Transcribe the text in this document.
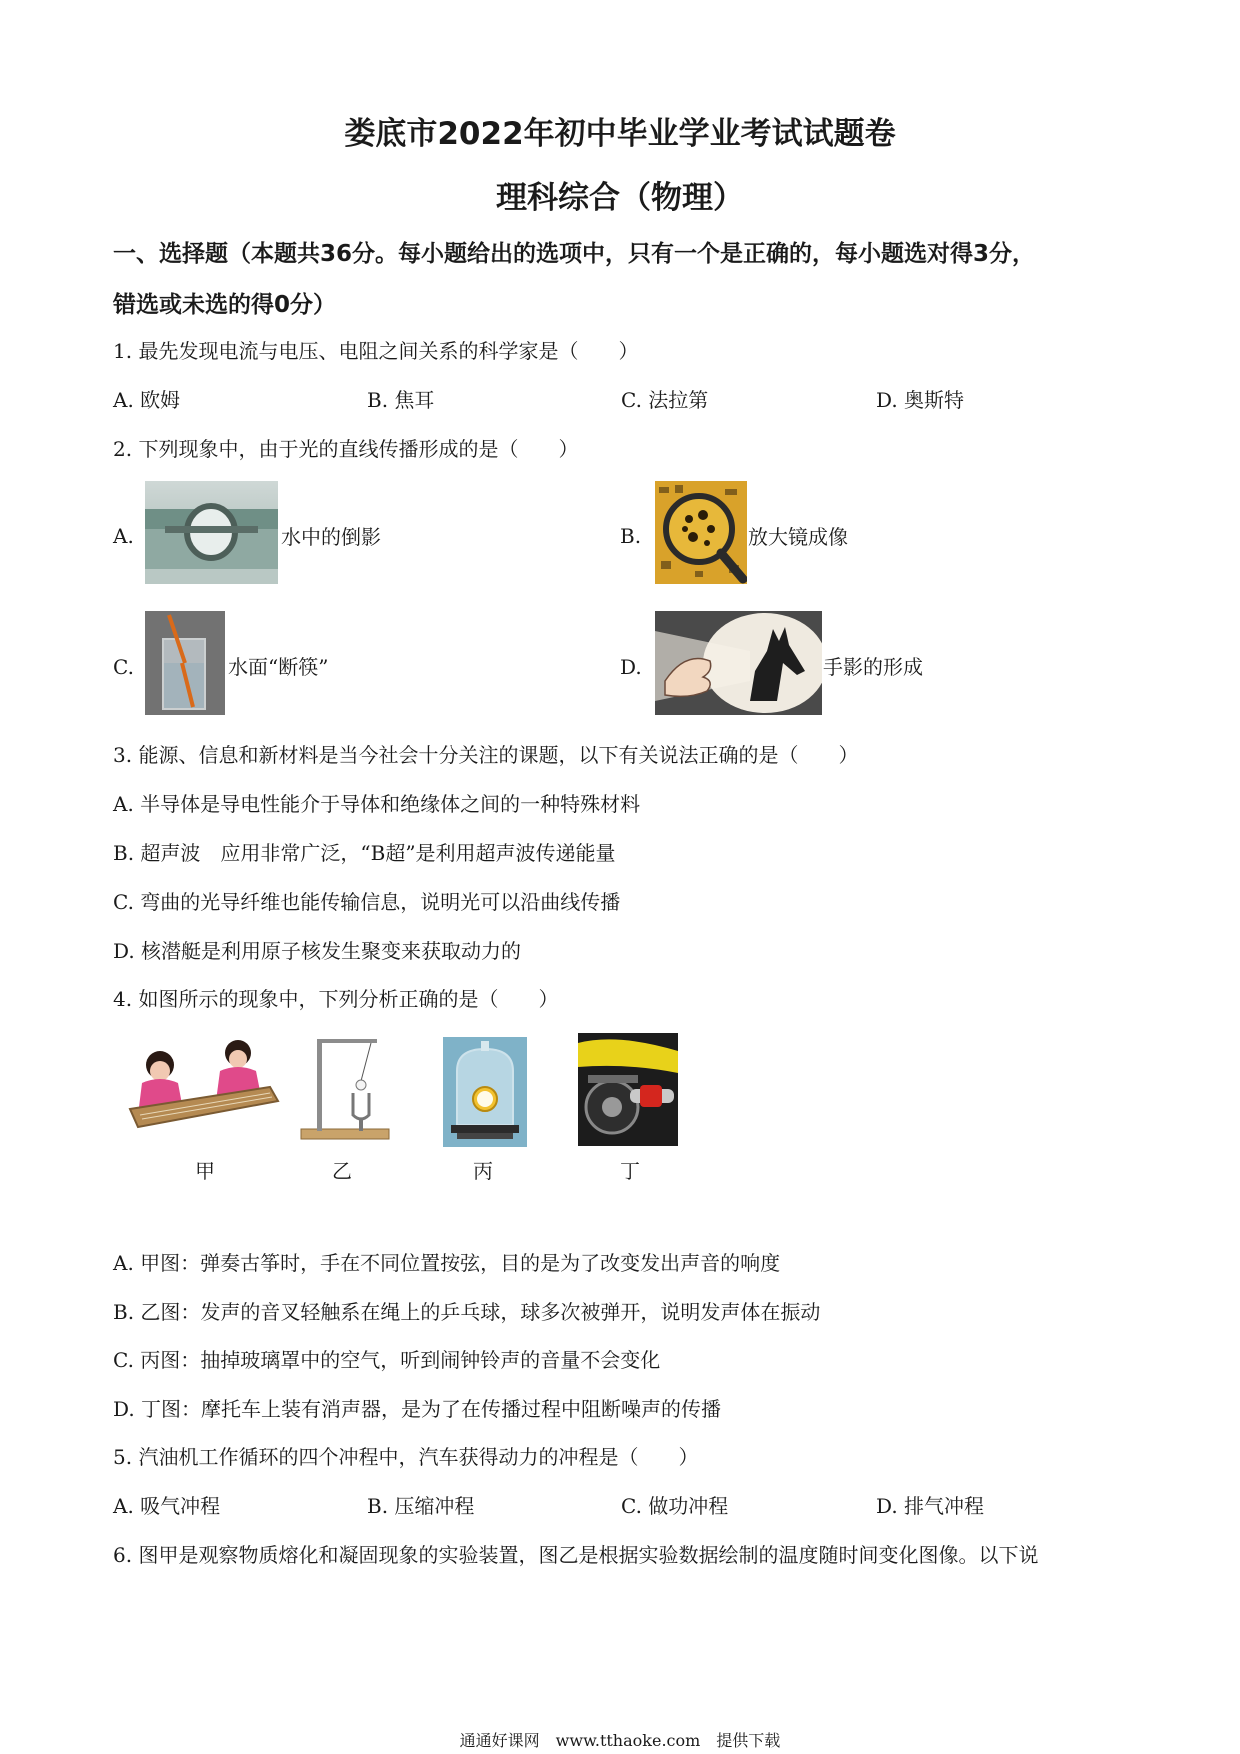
娄底市2022年初中毕业学业考试试题卷
理科综合（物理）
一、选择题（本题共36分。每小题给出的选项中，只有一个是正确的，每小题选对得3分，
错选或未选的得0分）
1. 最先发现电流与电压、电阻之间关系的科学家是（　　）
A. 欧姆	B. 焦耳	C. 法拉第	D. 奥斯特
2. 下列现象中，由于光的直线传播形成的是（　　）
A.	水中的倒影	B.	放大镜成像
C.	水面“断筷”	D.	手影的形成
3. 能源、信息和新材料是当今社会十分关注的课题，以下有关说法正确的是（　　）
A. 半导体是导电性能介于导体和绝缘体之间的一种特殊材料
B. 超声波　应用非常广泛，“B超”是利用超声波传递能量
C. 弯曲的光导纤维也能传输信息，说明光可以沿曲线传播
D. 核潜艇是利用原子核发生聚变来获取动力的
4. 如图所示的现象中，下列分析正确的是（　　）
甲	乙	丙	丁
A. 甲图：弹奏古筝时，手在不同位置按弦，目的是为了改变发出声音的响度
B. 乙图：发声的音叉轻触系在绳上的乒乓球，球多次被弹开，说明发声体在振动
C. 丙图：抽掉玻璃罩中的空气，听到闹钟铃声的音量不会变化
D. 丁图：摩托车上装有消声器，是为了在传播过程中阻断噪声的传播
5. 汽油机工作循环的四个冲程中，汽车获得动力的冲程是（　　）
A. 吸气冲程	B. 压缩冲程	C. 做功冲程	D. 排气冲程
6. 图甲是观察物质熔化和凝固现象的实验装置，图乙是根据实验数据绘制的温度随时间变化图像。以下说
通通好课网　www.tthaoke.com　提供下载
